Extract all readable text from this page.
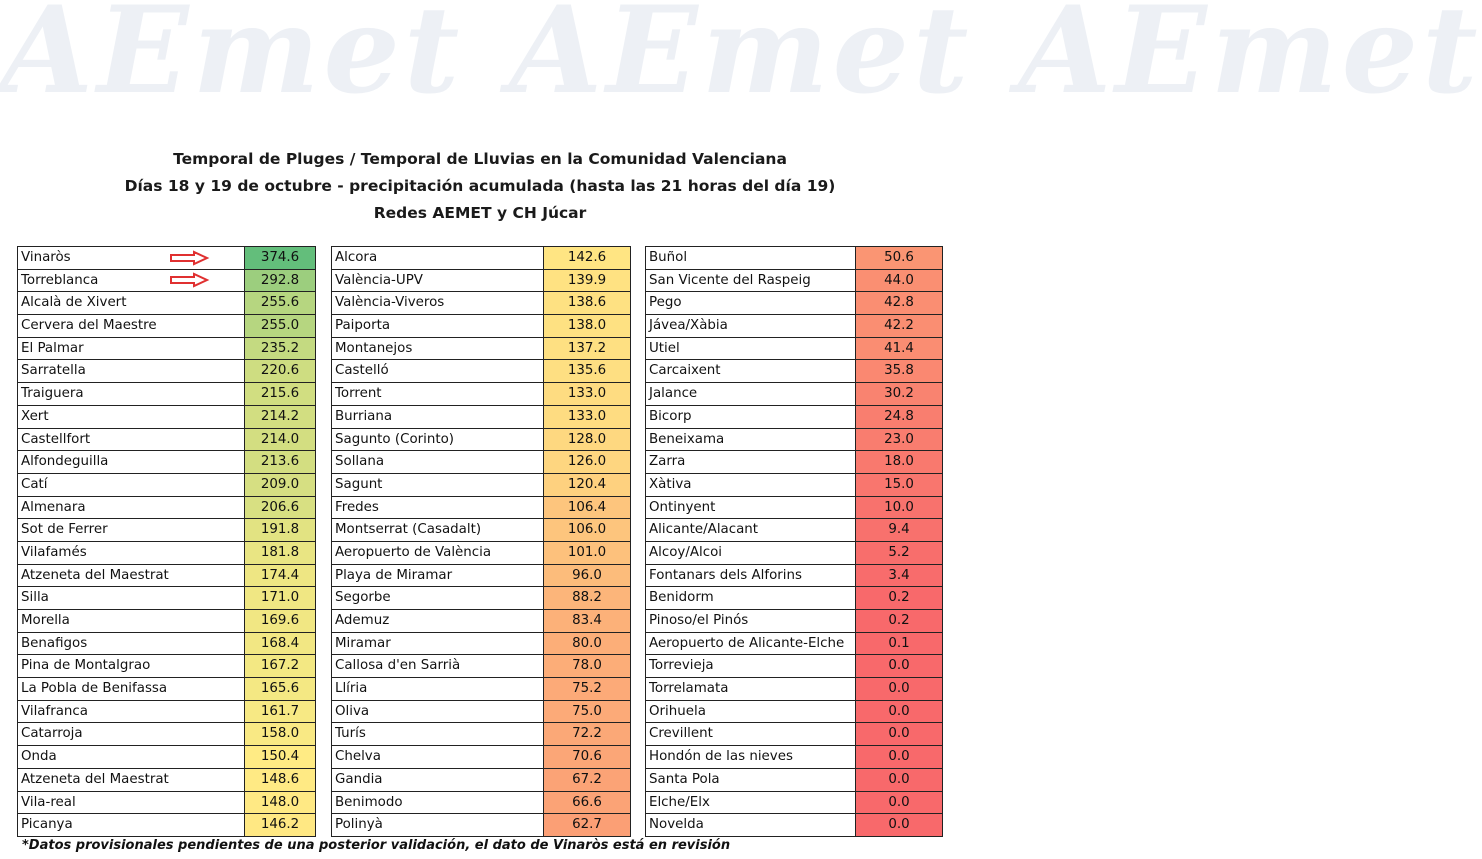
AEmet AEmet AEmet
Temporal de Pluges / Temporal de Lluvias en la Comunidad Valenciana
Días 18 y 19 de octubre - precipitación acumulada (hasta las 21 horas del día 19)
Redes AEMET y CH Júcar
Vinaròs	374.6
Torreblanca	292.8
Alcalà de Xivert	255.6
Cervera del Maestre	255.0
El Palmar	235.2
Sarratella	220.6
Traiguera	215.6
Xert	214.2
Castellfort	214.0
Alfondeguilla	213.6
Catí	209.0
Almenara	206.6
Sot de Ferrer	191.8
Vilafamés	181.8
Atzeneta del Maestrat	174.4
Silla	171.0
Morella	169.6
Benafigos	168.4
Pina de Montalgrao	167.2
La Pobla de Benifassa	165.6
Vilafranca	161.7
Catarroja	158.0
Onda	150.4
Atzeneta del Maestrat	148.6
Vila-real	148.0
Picanya	146.2
Alcora	142.6
València-UPV	139.9
València-Viveros	138.6
Paiporta	138.0
Montanejos	137.2
Castelló	135.6
Torrent	133.0
Burriana	133.0
Sagunto (Corinto)	128.0
Sollana	126.0
Sagunt	120.4
Fredes	106.4
Montserrat (Casadalt)	106.0
Aeropuerto de València	101.0
Playa de Miramar	96.0
Segorbe	88.2
Ademuz	83.4
Miramar	80.0
Callosa d'en Sarrià	78.0
Llíria	75.2
Oliva	75.0
Turís	72.2
Chelva	70.6
Gandia	67.2
Benimodo	66.6
Polinyà	62.7
Buñol	50.6
San Vicente del Raspeig	44.0
Pego	42.8
Jávea/Xàbia	42.2
Utiel	41.4
Carcaixent	35.8
Jalance	30.2
Bicorp	24.8
Beneixama	23.0
Zarra	18.0
Xàtiva	15.0
Ontinyent	10.0
Alicante/Alacant	9.4
Alcoy/Alcoi	5.2
Fontanars dels Alforins	3.4
Benidorm	0.2
Pinoso/el Pinós	0.2
Aeropuerto de Alicante-Elche	0.1
Torrevieja	0.0
Torrelamata	0.0
Orihuela	0.0
Crevillent	0.0
Hondón de las nieves	0.0
Santa Pola	0.0
Elche/Elx	0.0
Novelda	0.0
*Datos provisionales pendientes de una posterior validación, el dato de Vinaròs está en revisión
